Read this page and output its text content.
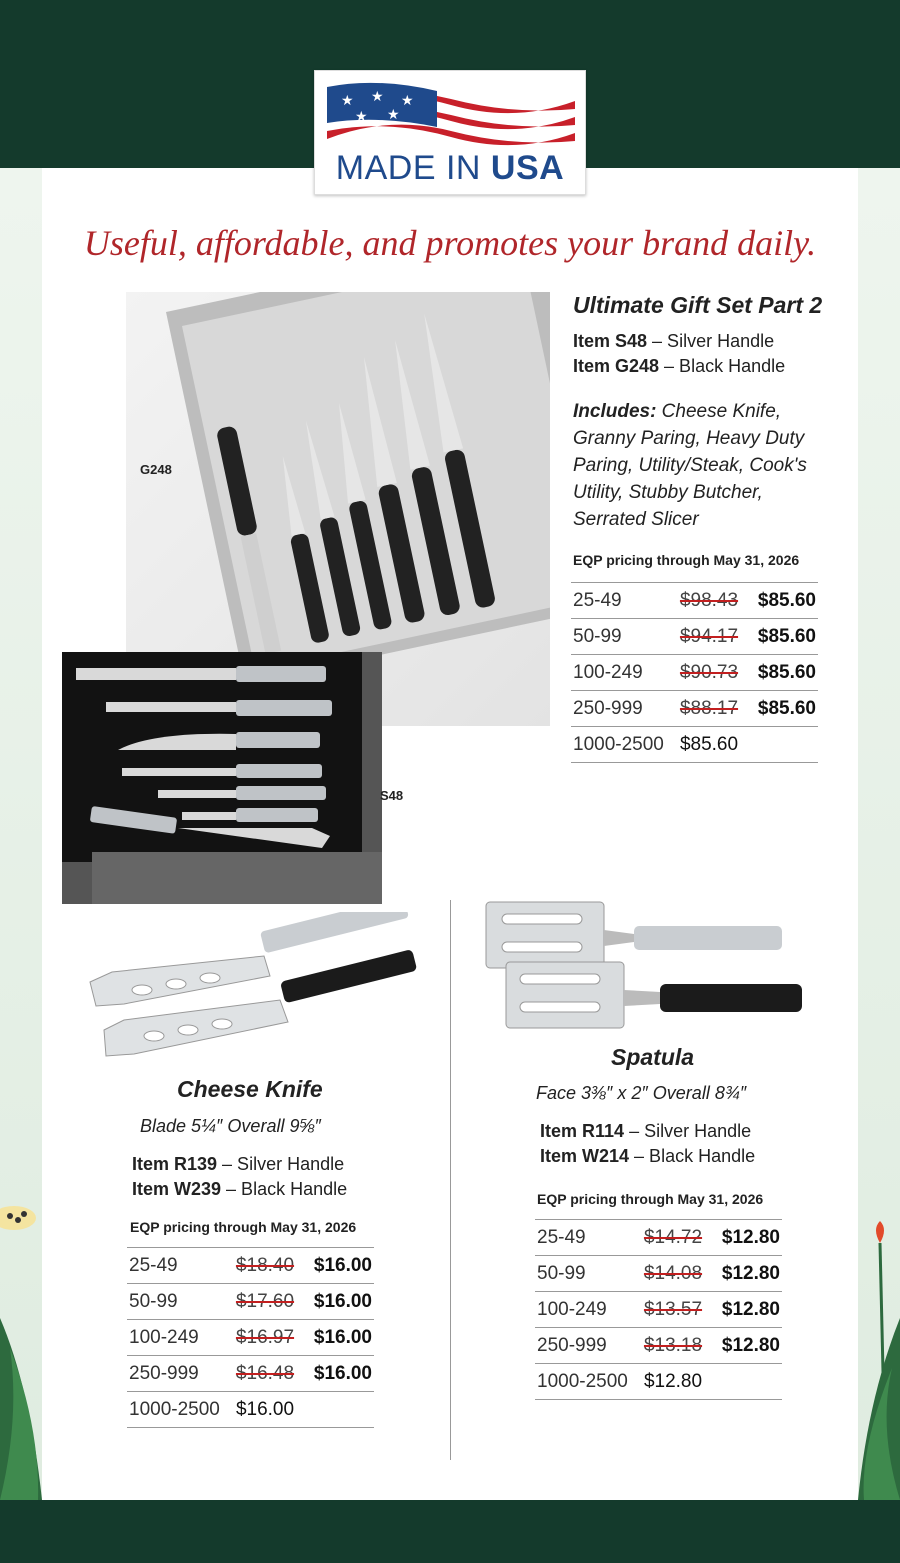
★ ★ ★
★ ★
MADE IN USA
Useful, affordable, and promotes your brand daily.
G248
S48
Ultimate Gift Set Part 2
Item S48 – Silver Handle
Item G248 – Black Handle
Includes: Cheese Knife, Granny Paring, Heavy Duty Paring, Utility/Steak, Cook's Utility, Stubby Butcher, Serrated Slicer
EQP pricing through May 31, 2026
25-49	$98.43	$85.60
50-99	$94.17	$85.60
100-249	$90.73	$85.60
250-999	$88.17	$85.60
1000-2500	$85.60	
Cheese Knife
Blade 5¼″ Overall 9⅝″
Item R139 – Silver Handle
Item W239 – Black Handle
EQP pricing through May 31, 2026
25-49	$18.40	$16.00
50-99	$17.60	$16.00
100-249	$16.97	$16.00
250-999	$16.48	$16.00
1000-2500	$16.00	
Spatula
Face 3⅜″ x 2″ Overall 8¾″
Item R114 – Silver Handle
Item W214 – Black Handle
EQP pricing through May 31, 2026
25-49	$14.72	$12.80
50-99	$14.08	$12.80
100-249	$13.57	$12.80
250-999	$13.18	$12.80
1000-2500	$12.80	
